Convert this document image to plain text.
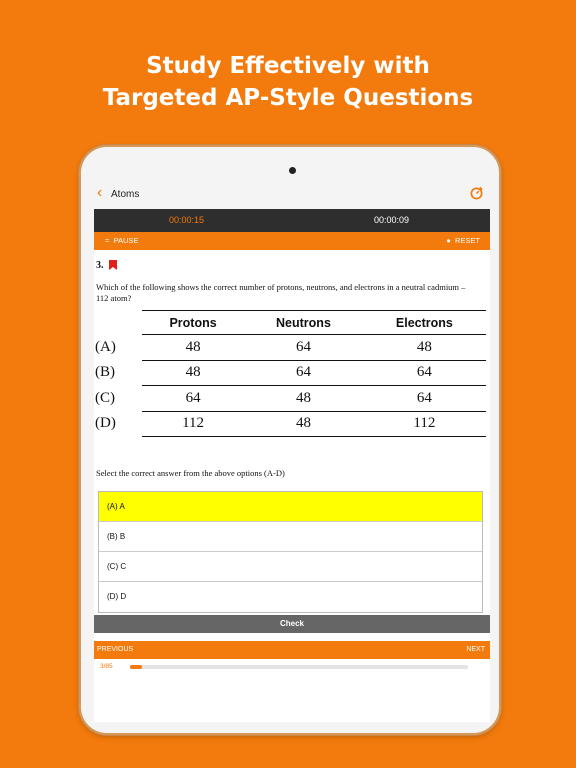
Study Effectively with
Targeted AP-Style Questions
‹ Atoms
00:00:15	00:00:09
= PAUSE	● RESET
3.
Which of the following shows the correct number of protons, neutrons, and electrons in a neutral cadmium –112 atom?
	Protons	Neutrons	Electrons
(A)	48	64	48
(B)	48	64	64
(C)	64	48	64
(D)	112	48	112
Select the correct answer from the above options (A-D)
(A) A
(B) B
(C) C
(D) D
Check
PREVIOUS	NEXT
3/85
